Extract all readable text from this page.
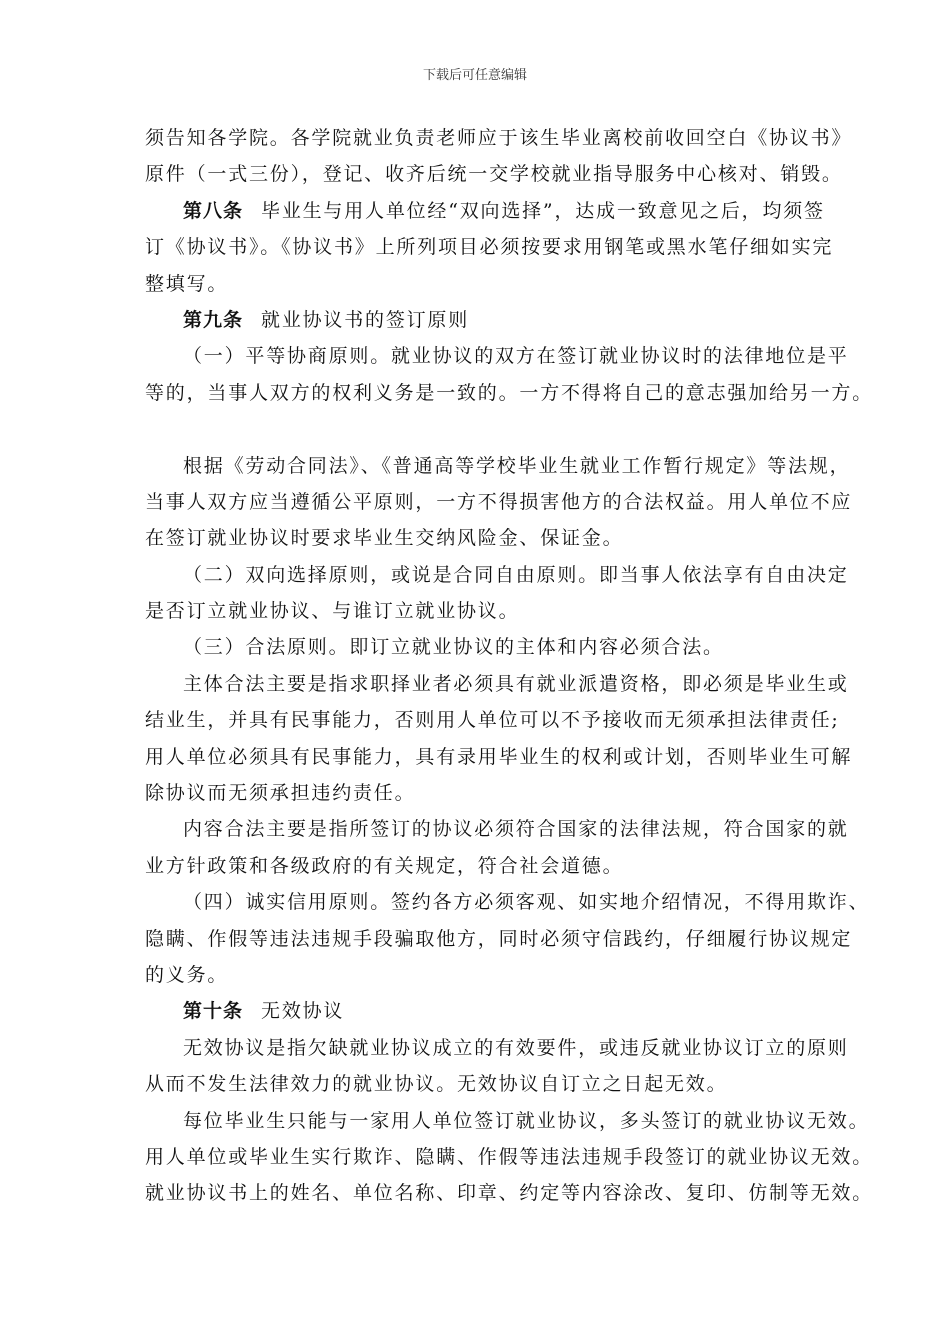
下载后可任意编辑
须告知各学院。各学院就业负责老师应于该生毕业离校前收回空白《协议书》
原件（一式三份），登记、收齐后统一交学校就业指导服务中心核对、销毁。
第八条 毕业生与用人单位经“双向选择”，达成一致意见之后，均须签
订《协议书》。《协议书》上所列项目必须按要求用钢笔或黑水笔仔细如实完
整填写。
第九条 就业协议书的签订原则
（一）平等协商原则。就业协议的双方在签订就业协议时的法律地位是平
等的，当事人双方的权利义务是一致的。一方不得将自己的意志强加给另一方。
根据《劳动合同法》、《普通高等学校毕业生就业工作暂行规定》等法规，
当事人双方应当遵循公平原则，一方不得损害他方的合法权益。用人单位不应
在签订就业协议时要求毕业生交纳风险金、保证金。
（二）双向选择原则，或说是合同自由原则。即当事人依法享有自由决定
是否订立就业协议、与谁订立就业协议。
（三）合法原则。即订立就业协议的主体和内容必须合法。
主体合法主要是指求职择业者必须具有就业派遣资格，即必须是毕业生或
结业生，并具有民事能力，否则用人单位可以不予接收而无须承担法律责任;
用人单位必须具有民事能力，具有录用毕业生的权利或计划，否则毕业生可解
除协议而无须承担违约责任。
内容合法主要是指所签订的协议必须符合国家的法律法规，符合国家的就
业方针政策和各级政府的有关规定，符合社会道德。
（四）诚实信用原则。签约各方必须客观、如实地介绍情况，不得用欺诈、
隐瞒、作假等违法违规手段骗取他方，同时必须守信践约，仔细履行协议规定
的义务。
第十条 无效协议
无效协议是指欠缺就业协议成立的有效要件，或违反就业协议订立的原则
从而不发生法律效力的就业协议。无效协议自订立之日起无效。
每位毕业生只能与一家用人单位签订就业协议，多头签订的就业协议无效。
用人单位或毕业生实行欺诈、隐瞒、作假等违法违规手段签订的就业协议无效。
就业协议书上的姓名、单位名称、印章、约定等内容涂改、复印、仿制等无效。
